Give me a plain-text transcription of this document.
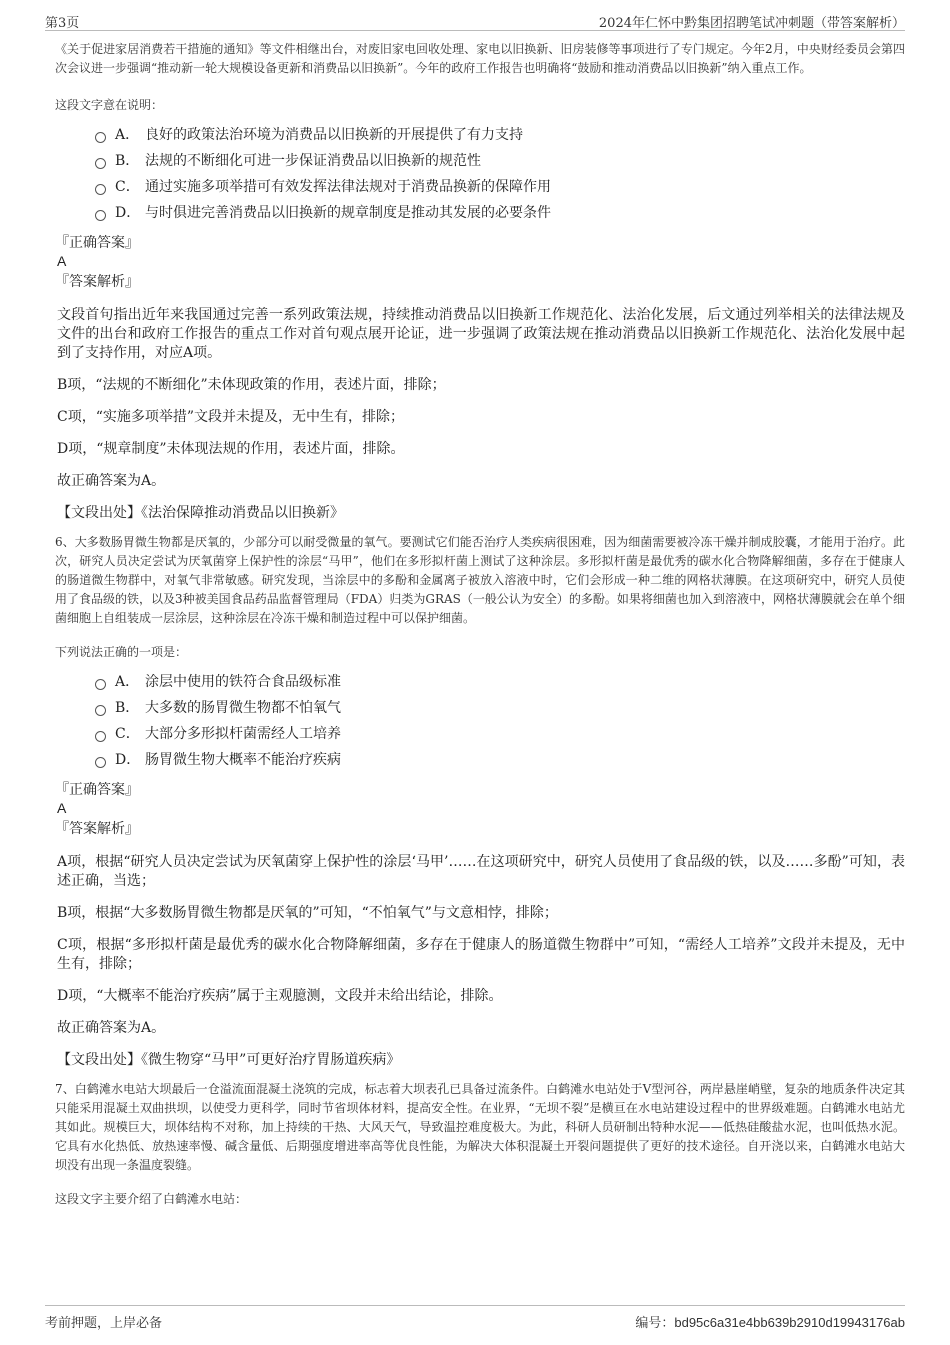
第3页	2024年仁怀中黔集团招聘笔试冲刺题（带答案解析）

《关于促进家居消费若干措施的通知》等文件相继出台，对废旧家电回收处理、家电以旧换新、旧房装修等事项进行了专门规定。今年2月，中央财经委员会第四次会议进一步强调“推动新一轮大规模设备更新和消费品以旧换新”。今年的政府工作报告也明确将“鼓励和推动消费品以旧换新”纳入重点工作。

这段文字意在说明：

A． 良好的政策法治环境为消费品以旧换新的开展提供了有力支持
B． 法规的不断细化可进一步保证消费品以旧换新的规范性
C． 通过实施多项举措可有效发挥法律法规对于消费品换新的保障作用
D． 与时俱进完善消费品以旧换新的规章制度是推动其发展的必要条件

『正确答案』

A

『答案解析』

文段首句指出近年来我国通过完善一系列政策法规，持续推动消费品以旧换新工作规范化、法治化发展，后文通过列举相关的法律法规及文件的出台和政府工作报告的重点工作对首句观点展开论证，进一步强调了政策法规在推动消费品以旧换新工作规范化、法治化发展中起到了支持作用，对应A项。

B项，“法规的不断细化”未体现政策的作用，表述片面，排除；

C项，“实施多项举措”文段并未提及，无中生有，排除；

D项，“规章制度”未体现法规的作用，表述片面，排除。

故正确答案为A。

【文段出处】《法治保障推动消费品以旧换新》

6、大多数肠胃微生物都是厌氧的，少部分可以耐受微量的氧气。要测试它们能否治疗人类疾病很困难，因为细菌需要被冷冻干燥并制成胶囊，才能用于治疗。此次，研究人员决定尝试为厌氧菌穿上保护性的涂层“马甲”，他们在多形拟杆菌上测试了这种涂层。多形拟杆菌是最优秀的碳水化合物降解细菌，多存在于健康人的肠道微生物群中，对氧气非常敏感。研究发现，当涂层中的多酚和金属离子被放入溶液中时，它们会形成一种二维的网格状薄膜。在这项研究中，研究人员使用了食品级的铁，以及3种被美国食品药品监督管理局（FDA）归类为GRAS（一般公认为安全）的多酚。如果将细菌也加入到溶液中，网格状薄膜就会在单个细菌细胞上自组装成一层涂层，这种涂层在冷冻干燥和制造过程中可以保护细菌。

下列说法正确的一项是：

A． 涂层中使用的铁符合食品级标准
B． 大多数的肠胃微生物都不怕氧气
C． 大部分多形拟杆菌需经人工培养
D． 肠胃微生物大概率不能治疗疾病

『正确答案』

A

『答案解析』

A项，根据“研究人员决定尝试为厌氧菌穿上保护性的涂层‘马甲’……在这项研究中，研究人员使用了食品级的铁，以及……多酚”可知，表述正确，当选；

B项，根据“大多数肠胃微生物都是厌氧的”可知，“不怕氧气”与文意相悖，排除；

C项，根据“多形拟杆菌是最优秀的碳水化合物降解细菌，多存在于健康人的肠道微生物群中”可知，“需经人工培养”文段并未提及，无中生有，排除；

D项，“大概率不能治疗疾病”属于主观臆测，文段并未给出结论，排除。

故正确答案为A。

【文段出处】《微生物穿“马甲”可更好治疗胃肠道疾病》

7、白鹤滩水电站大坝最后一仓溢流面混凝土浇筑的完成，标志着大坝表孔已具备过流条件。白鹤滩水电站处于V型河谷，两岸悬崖峭壁，复杂的地质条件决定其只能采用混凝土双曲拱坝，以使受力更科学，同时节省坝体材料，提高安全性。在业界，“无坝不裂”是横亘在水电站建设过程中的世界级难题。白鹤滩水电站尤其如此。规模巨大，坝体结构不对称，加上持续的干热、大风天气，导致温控难度极大。为此，科研人员研制出特种水泥——低热硅酸盐水泥，也叫低热水泥。它具有水化热低、放热速率慢、碱含量低、后期强度增进率高等优良性能，为解决大体积混凝土开裂问题提供了更好的技术途径。自开浇以来，白鹤滩水电站大坝没有出现一条温度裂缝。

这段文字主要介绍了白鹤滩水电站：

考前押题，上岸必备	编号：bd95c6a31e4bb639b2910d19943176ab
